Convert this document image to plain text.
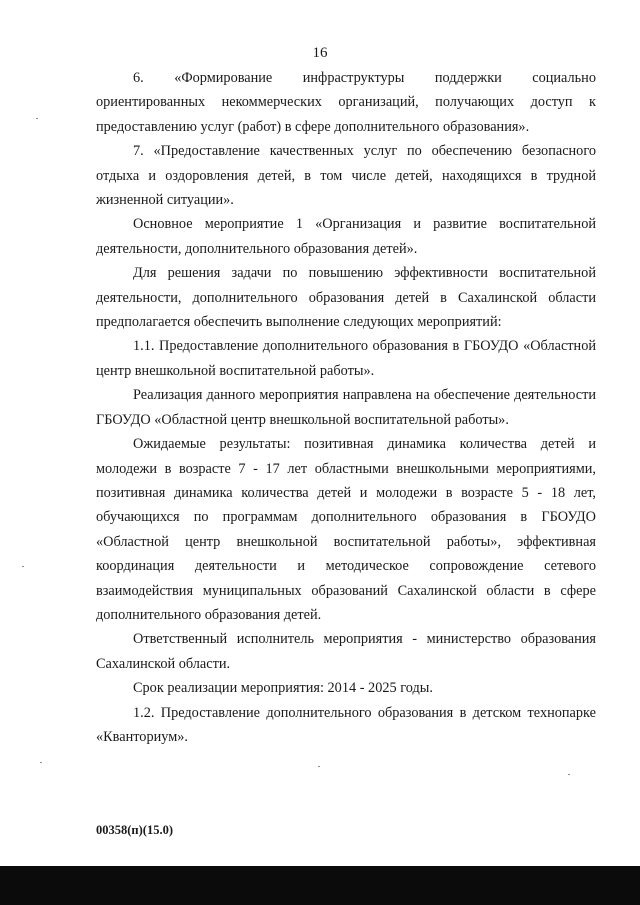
16

6. «Формирование инфраструктуры поддержки социально ориентированных некоммерческих организаций, получающих доступ к предоставлению услуг (работ) в сфере дополнительного образования».

7. «Предоставление качественных услуг по обеспечению безопасного отдыха и оздоровления детей, в том числе детей, находящихся в трудной жизненной ситуации».

Основное мероприятие 1 «Организация и развитие воспитательной деятельности, дополнительного образования детей».

Для решения задачи по повышению эффективности воспитательной деятельности, дополнительного образования детей в Сахалинской области предполагается обеспечить выполнение следующих мероприятий:

1.1. Предоставление дополнительного образования в ГБОУДО «Областной центр внешкольной воспитательной работы».

Реализация данного мероприятия направлена на обеспечение деятельности ГБОУДО «Областной центр внешкольной воспитательной работы».

Ожидаемые результаты: позитивная динамика количества детей и молодежи в возрасте 7 - 17 лет областными внешкольными мероприятиями, позитивная динамика количества детей и молодежи в возрасте 5 - 18 лет, обучающихся по программам дополнительного образования в ГБОУДО «Областной центр внешкольной воспитательной работы», эффективная координация деятельности и методическое сопровождение сетевого взаимодействия муниципальных образований Сахалинской области в сфере дополнительного образования детей.

Ответственный исполнитель мероприятия - министерство образования Сахалинской области.

Срок реализации мероприятия: 2014 - 2025 годы.

1.2. Предоставление дополнительного образования в детском технопарке «Кванториум».

00358(п)(15.0)
